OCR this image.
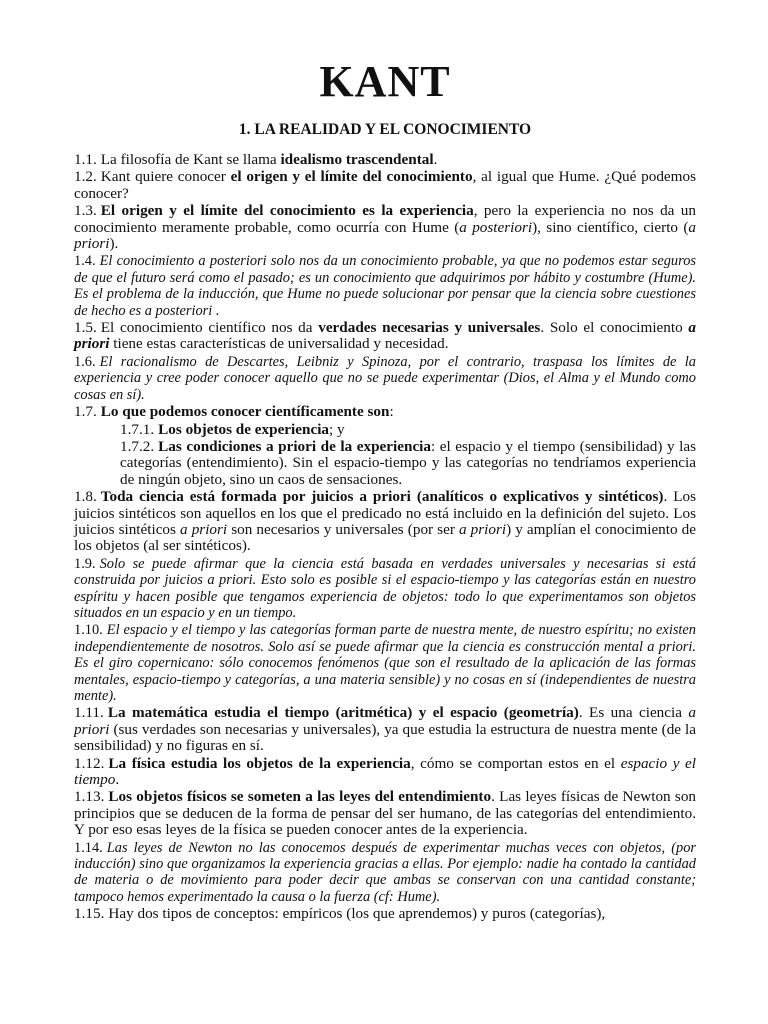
KANT
1. LA REALIDAD Y EL CONOCIMIENTO

1.1. La filosofía de Kant se llama idealismo trascendental.

1.2. Kant quiere conocer el origen y el límite del conocimiento, al igual que Hume. ¿Qué podemos conocer?

1.3. El origen y el límite del conocimiento es la experiencia, pero la experiencia no nos da un conocimiento meramente probable, como ocurría con Hume (a posteriori), sino científico, cierto (a priori).

1.4. El conocimiento a posteriori solo nos da un conocimiento probable, ya que no podemos estar seguros de que el futuro será como el pasado; es un conocimiento que adquirimos por hábito y costumbre (Hume). Es el problema de la inducción, que Hume no puede solucionar por pensar que la ciencia sobre cuestiones de hecho es a posteriori .

1.5. El conocimiento científico nos da verdades necesarias y universales. Solo el conocimiento a priori tiene estas características de universalidad y necesidad.

1.6. El racionalismo de Descartes, Leibniz y Spinoza, por el contrario, traspasa los límites de la experiencia y cree poder conocer aquello que no se puede experimentar (Dios, el Alma y el Mundo como cosas en sí).

1.7. Lo que podemos conocer científicamente son:

1.7.1. Los objetos de experiencia; y

1.7.2. Las condiciones a priori de la experiencia: el espacio y el tiempo (sensibilidad) y las categorías (entendimiento). Sin el espacio-tiempo y las categorías no tendríamos experiencia de ningún objeto, sino un caos de sensaciones.

1.8. Toda ciencia está formada por juicios a priori (analíticos o explicativos y sintéticos). Los juicios sintéticos son aquellos en los que el predicado no está incluido en la definición del sujeto. Los juicios sintéticos a priori son necesarios y universales (por ser a priori) y amplían el conocimiento de los objetos (al ser sintéticos).

1.9. Solo se puede afirmar que la ciencia está basada en verdades universales y necesarias si está construida por juicios a priori. Esto solo es posible si el espacio-tiempo y las categorías están en nuestro espíritu y hacen posible que tengamos experiencia de objetos: todo lo que experimentamos son objetos situados en un espacio y en un tiempo.

1.10. El espacio y el tiempo y las categorías forman parte de nuestra mente, de nuestro espíritu; no existen independientemente de nosotros. Solo así se puede afirmar que la ciencia es construcción mental a priori. Es el giro copernicano: sólo conocemos fenómenos (que son el resultado de la aplicación de las formas mentales, espacio-tiempo y categorías, a una materia sensible) y no cosas en sí (independientes de nuestra mente).

1.11. La matemática estudia el tiempo (aritmética) y el espacio (geometría). Es una ciencia a priori (sus verdades son necesarias y universales), ya que estudia la estructura de nuestra mente (de la sensibilidad) y no figuras en sí.

1.12. La física estudia los objetos de la experiencia, cómo se comportan estos en el espacio y el tiempo.

1.13. Los objetos físicos se someten a las leyes del entendimiento. Las leyes físicas de Newton son principios que se deducen de la forma de pensar del ser humano, de las categorías del entendimiento. Y por eso esas leyes de la física se pueden conocer antes de la experiencia.

1.14. Las leyes de Newton no las conocemos después de experimentar muchas veces con objetos, (por inducción) sino que organizamos la experiencia gracias a ellas. Por ejemplo: nadie ha contado la cantidad de materia o de movimiento para poder decir que ambas se conservan con una cantidad constante; tampoco hemos experimentado la causa o la fuerza (cf: Hume).

1.15. Hay dos tipos de conceptos: empíricos (los que aprendemos) y puros (categorías),
